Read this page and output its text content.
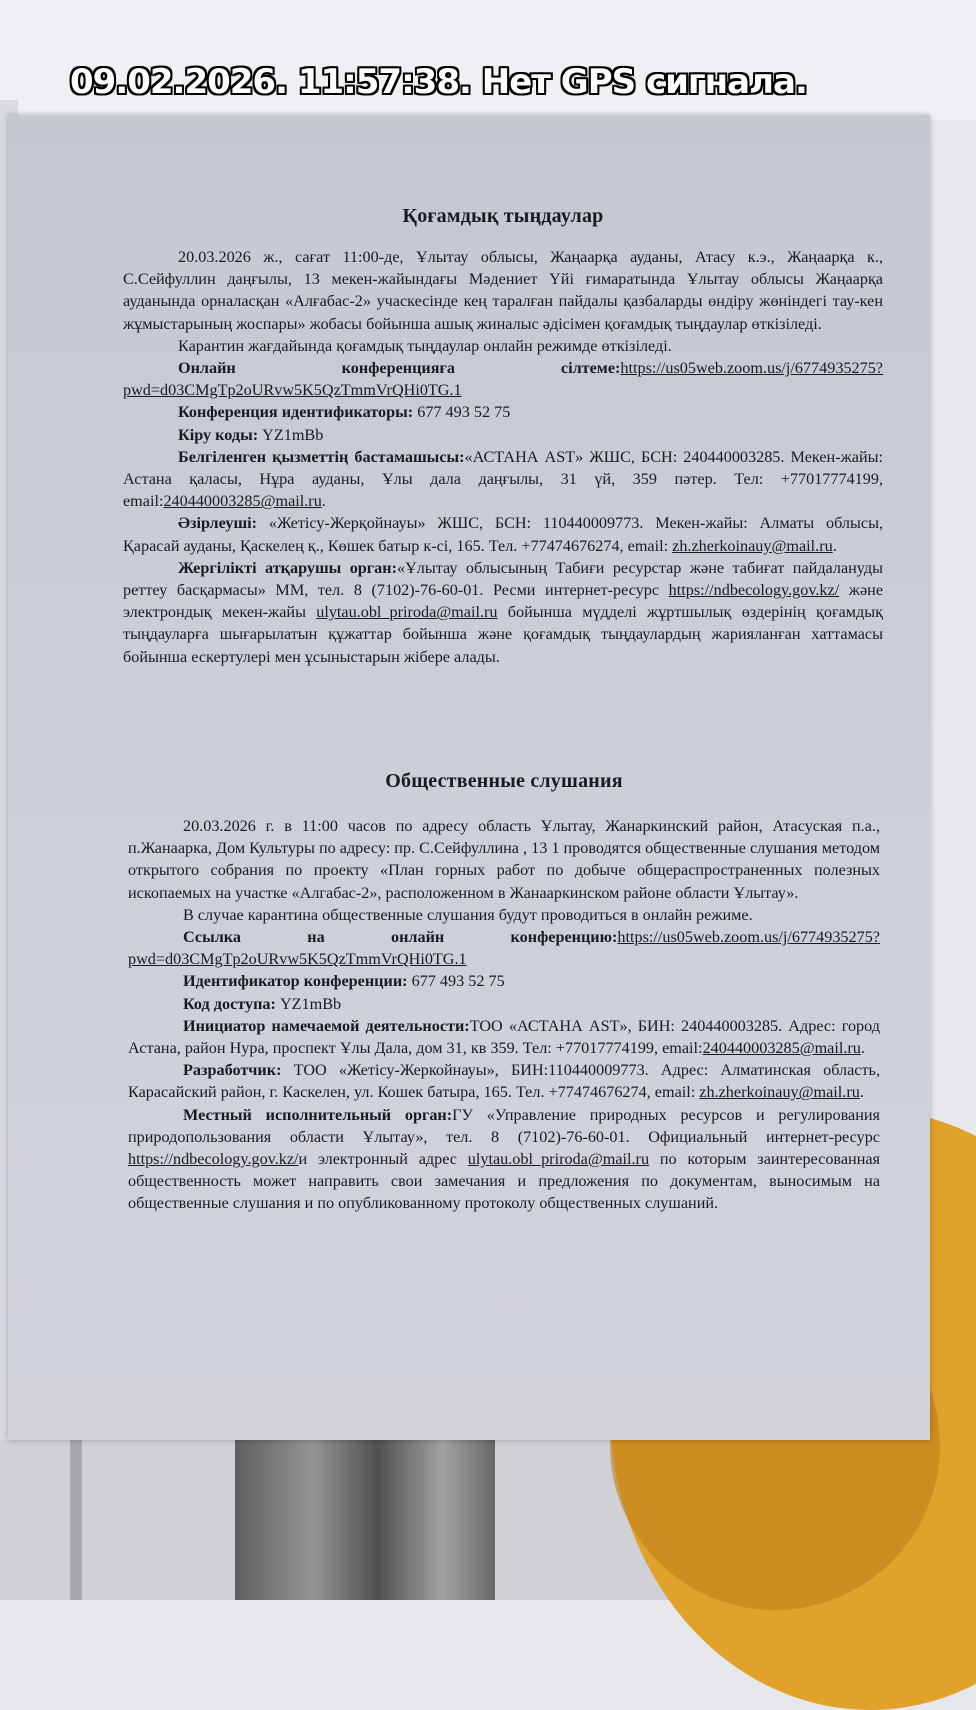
09.02.2026. 11:57:38. Нет GPS сигнала.
Қоғамдық тыңдаулар

20.03.2026 ж., сағат 11:00-де, Ұлытау облысы, Жаңаарқа ауданы, Атасу к.э., Жаңаарқа к., С.Сейфуллин даңғылы, 13 мекен-жайындағы Мәдениет Үйі ғимаратында Ұлытау облысы Жаңаарқа ауданында орналасқан «Алғабас-2» учаскесінде кең таралған пайдалы қазбаларды өндіру жөніндегі тау-кен жұмыстарының жоспары» жобасы бойынша ашық жиналыс әдісімен қоғамдық тыңдаулар өткізіледі.

Карантин жағдайында қоғамдық тыңдаулар онлайн режимде өткізіледі.

Онлайн конференцияға сілтеме:https://us05web.zoom.us/j/6774935275?pwd=d03CMgTp2oURvw5K5QzTmmVrQHi0TG.1

Конференция идентификаторы: 677 493 52 75

Кіру коды: YZ1mBb

Белгіленген қызметтің бастамашысы:«АСТАНА AST» ЖШС, БСН: 240440003285. Мекен-жайы: Астана қаласы, Нұра ауданы, Ұлы дала даңғылы, 31 үй, 359 пәтер. Тел: +77017774199, email:240440003285@mail.ru.

Әзірлеуші: «Жетісу-Жерқойнауы» ЖШС, БСН: 110440009773. Мекен-жайы: Алматы облысы, Қарасай ауданы, Қаскелең қ., Көшек батыр к-сі, 165. Тел. +77474676274, email: zh.zherkoinauy@mail.ru.

Жергілікті атқарушы орган:«Ұлытау облысының Табиғи ресурстар және табиғат пайдалануды реттеу басқармасы» ММ, тел. 8 (7102)-76-60-01. Ресми интернет-ресурс https://ndbecology.gov.kz/ және электрондық мекен-жайы ulytau.obl_priroda@mail.ru бойынша мүдделі жұртшылық өздерінің қоғамдық тыңдауларға шығарылатын құжаттар бойынша және қоғамдық тыңдаулардың жарияланған хаттамасы бойынша ескертулері мен ұсыныстарын жібере алады.

Общественные слушания

20.03.2026 г. в 11:00 часов по адресу область Ұлытау, Жанаркинский район, Атасуская п.а., п.Жанаарка, Дом Культуры по адресу: пр. С.Сейфуллина , 13 1 проводятся общественные слушания методом открытого собрания по проекту «План горных работ по добыче общераспространенных полезных ископаемых на участке «Алгабас-2», расположенном в Жанааркинском районе области Ұлытау».

В случае карантина общественные слушания будут проводиться в онлайн режиме.

Ссылка на онлайн конференцию:https://us05web.zoom.us/j/6774935275?pwd=d03CMgTp2oURvw5K5QzTmmVrQHi0TG.1

Идентификатор конференции: 677 493 52 75

Код доступа: YZ1mBb

Инициатор намечаемой деятельности:ТОО «АСТАНА AST», БИН: 240440003285. Адрес: город Астана, район Нура, проспект Ұлы Дала, дом 31, кв 359. Тел: +77017774199, email:240440003285@mail.ru.

Разработчик: ТОО «Жетісу-Жеркойнауы», БИН:110440009773. Адрес: Алматинская область, Карасайский район, г. Каскелен, ул. Кошек батыра, 165. Тел. +77474676274, email: zh.zherkoinauy@mail.ru.

Местный исполнительный орган:ГУ «Управление природных ресурсов и регулирования природопользования области Ұлытау», тел. 8 (7102)-76-60-01. Официальный интернет-ресурс https://ndbecology.gov.kz/и электронный адрес ulytau.obl_priroda@mail.ru по которым заинтересованная общественность может направить свои замечания и предложения по документам, выносимым на общественные слушания и по опубликованному протоколу общественных слушаний.
